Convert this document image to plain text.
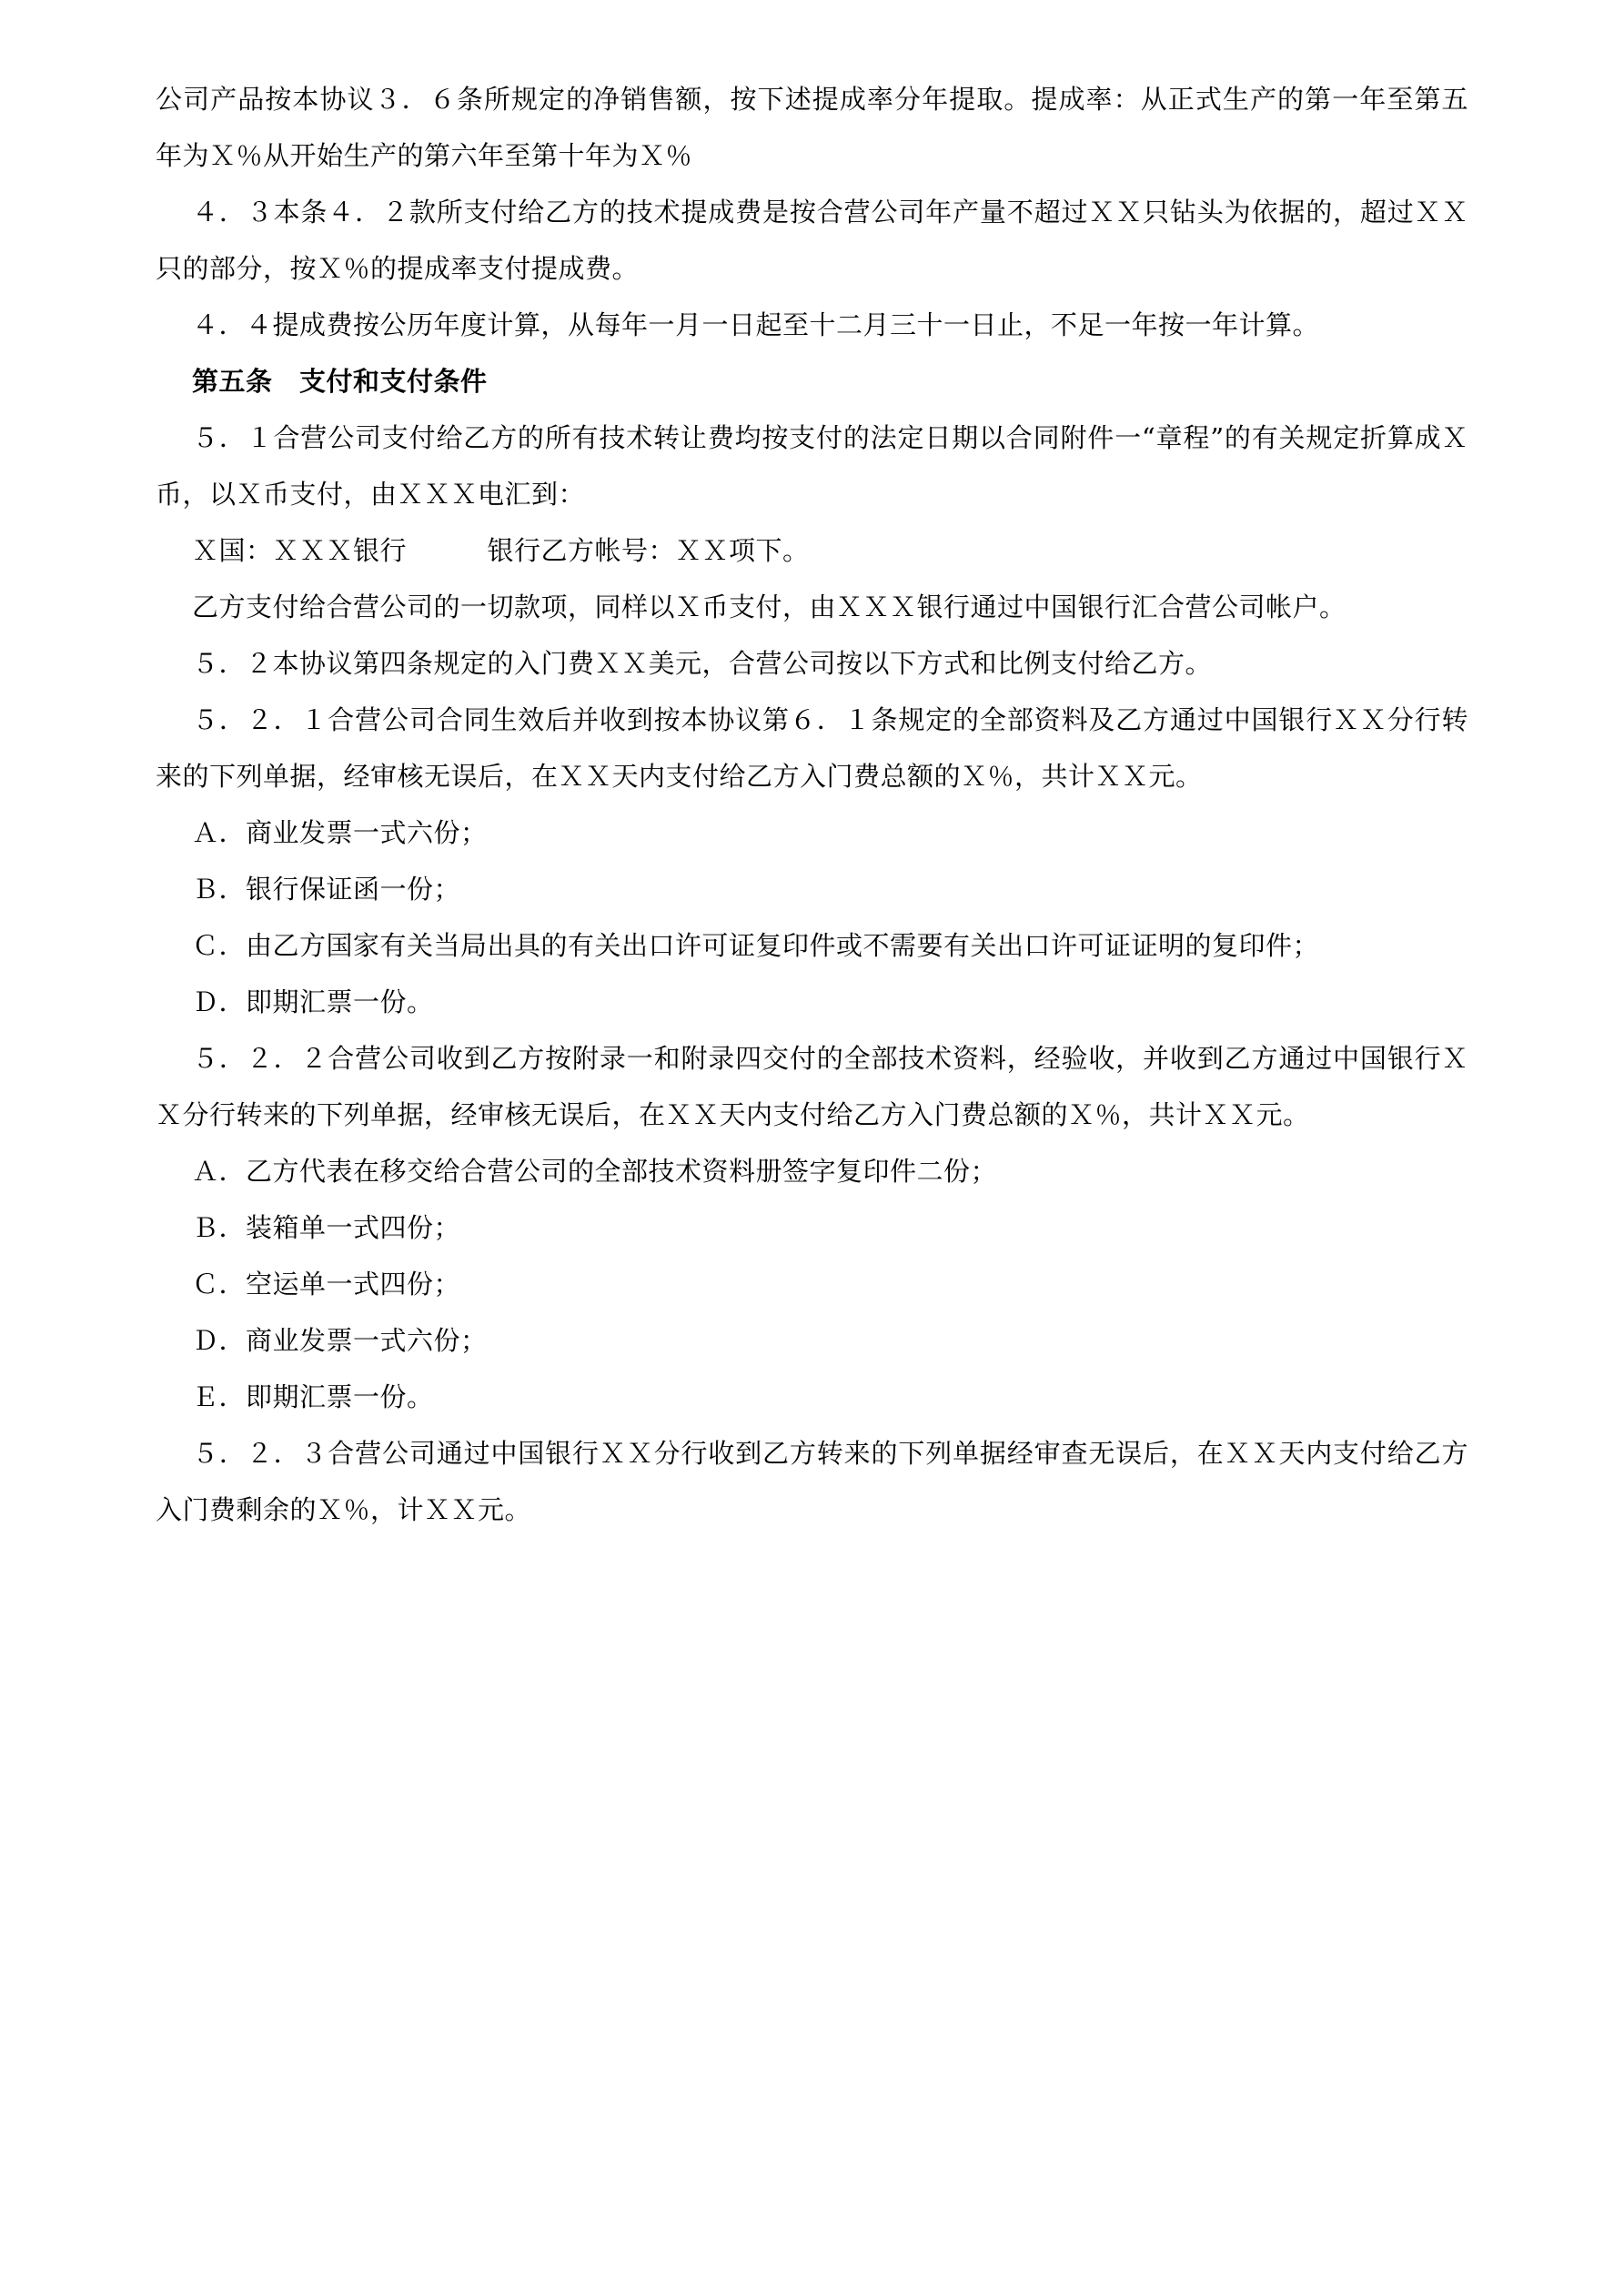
公司产品按本协议３．６条所规定的净销售额，按下述提成率分年提取。提成率：从正式生产的第一年至第五年为Ｘ％从开始生产的第六年至第十年为Ｘ％

４．３本条４．２款所支付给乙方的技术提成费是按合营公司年产量不超过ＸＸ只钻头为依据的，超过ＸＸ只的部分，按Ｘ％的提成率支付提成费。

４．４提成费按公历年度计算，从每年一月一日起至十二月三十一日止，不足一年按一年计算。

第五条　支付和支付条件

５．１合营公司支付给乙方的所有技术转让费均按支付的法定日期以合同附件一“章程”的有关规定折算成Ｘ币，以Ｘ币支付，由ＸＸＸ电汇到：

Ｘ国：ＸＸＸ银行　　　银行乙方帐号：ＸＸ项下。

乙方支付给合营公司的一切款项，同样以Ｘ币支付，由ＸＸＸ银行通过中国银行汇合营公司帐户。

５．２本协议第四条规定的入门费ＸＸ美元，合营公司按以下方式和比例支付给乙方。

５．２．１合营公司合同生效后并收到按本协议第６．１条规定的全部资料及乙方通过中国银行ＸＸ分行转来的下列单据，经审核无误后，在ＸＸ天内支付给乙方入门费总额的Ｘ％，共计ＸＸ元。

Ａ．商业发票一式六份；

Ｂ．银行保证函一份；

Ｃ．由乙方国家有关当局出具的有关出口许可证复印件或不需要有关出口许可证证明的复印件；

Ｄ．即期汇票一份。

５．２．２合营公司收到乙方按附录一和附录四交付的全部技术资料，经验收，并收到乙方通过中国银行ＸＸ分行转来的下列单据，经审核无误后，在ＸＸ天内支付给乙方入门费总额的Ｘ％，共计ＸＸ元。

Ａ．乙方代表在移交给合营公司的全部技术资料册签字复印件二份；

Ｂ．装箱单一式四份；

Ｃ．空运单一式四份；

Ｄ．商业发票一式六份；

Ｅ．即期汇票一份。

５．２．３合营公司通过中国银行ＸＸ分行收到乙方转来的下列单据经审查无误后，在ＸＸ天内支付给乙方入门费剩余的Ｘ％，计ＸＸ元。
